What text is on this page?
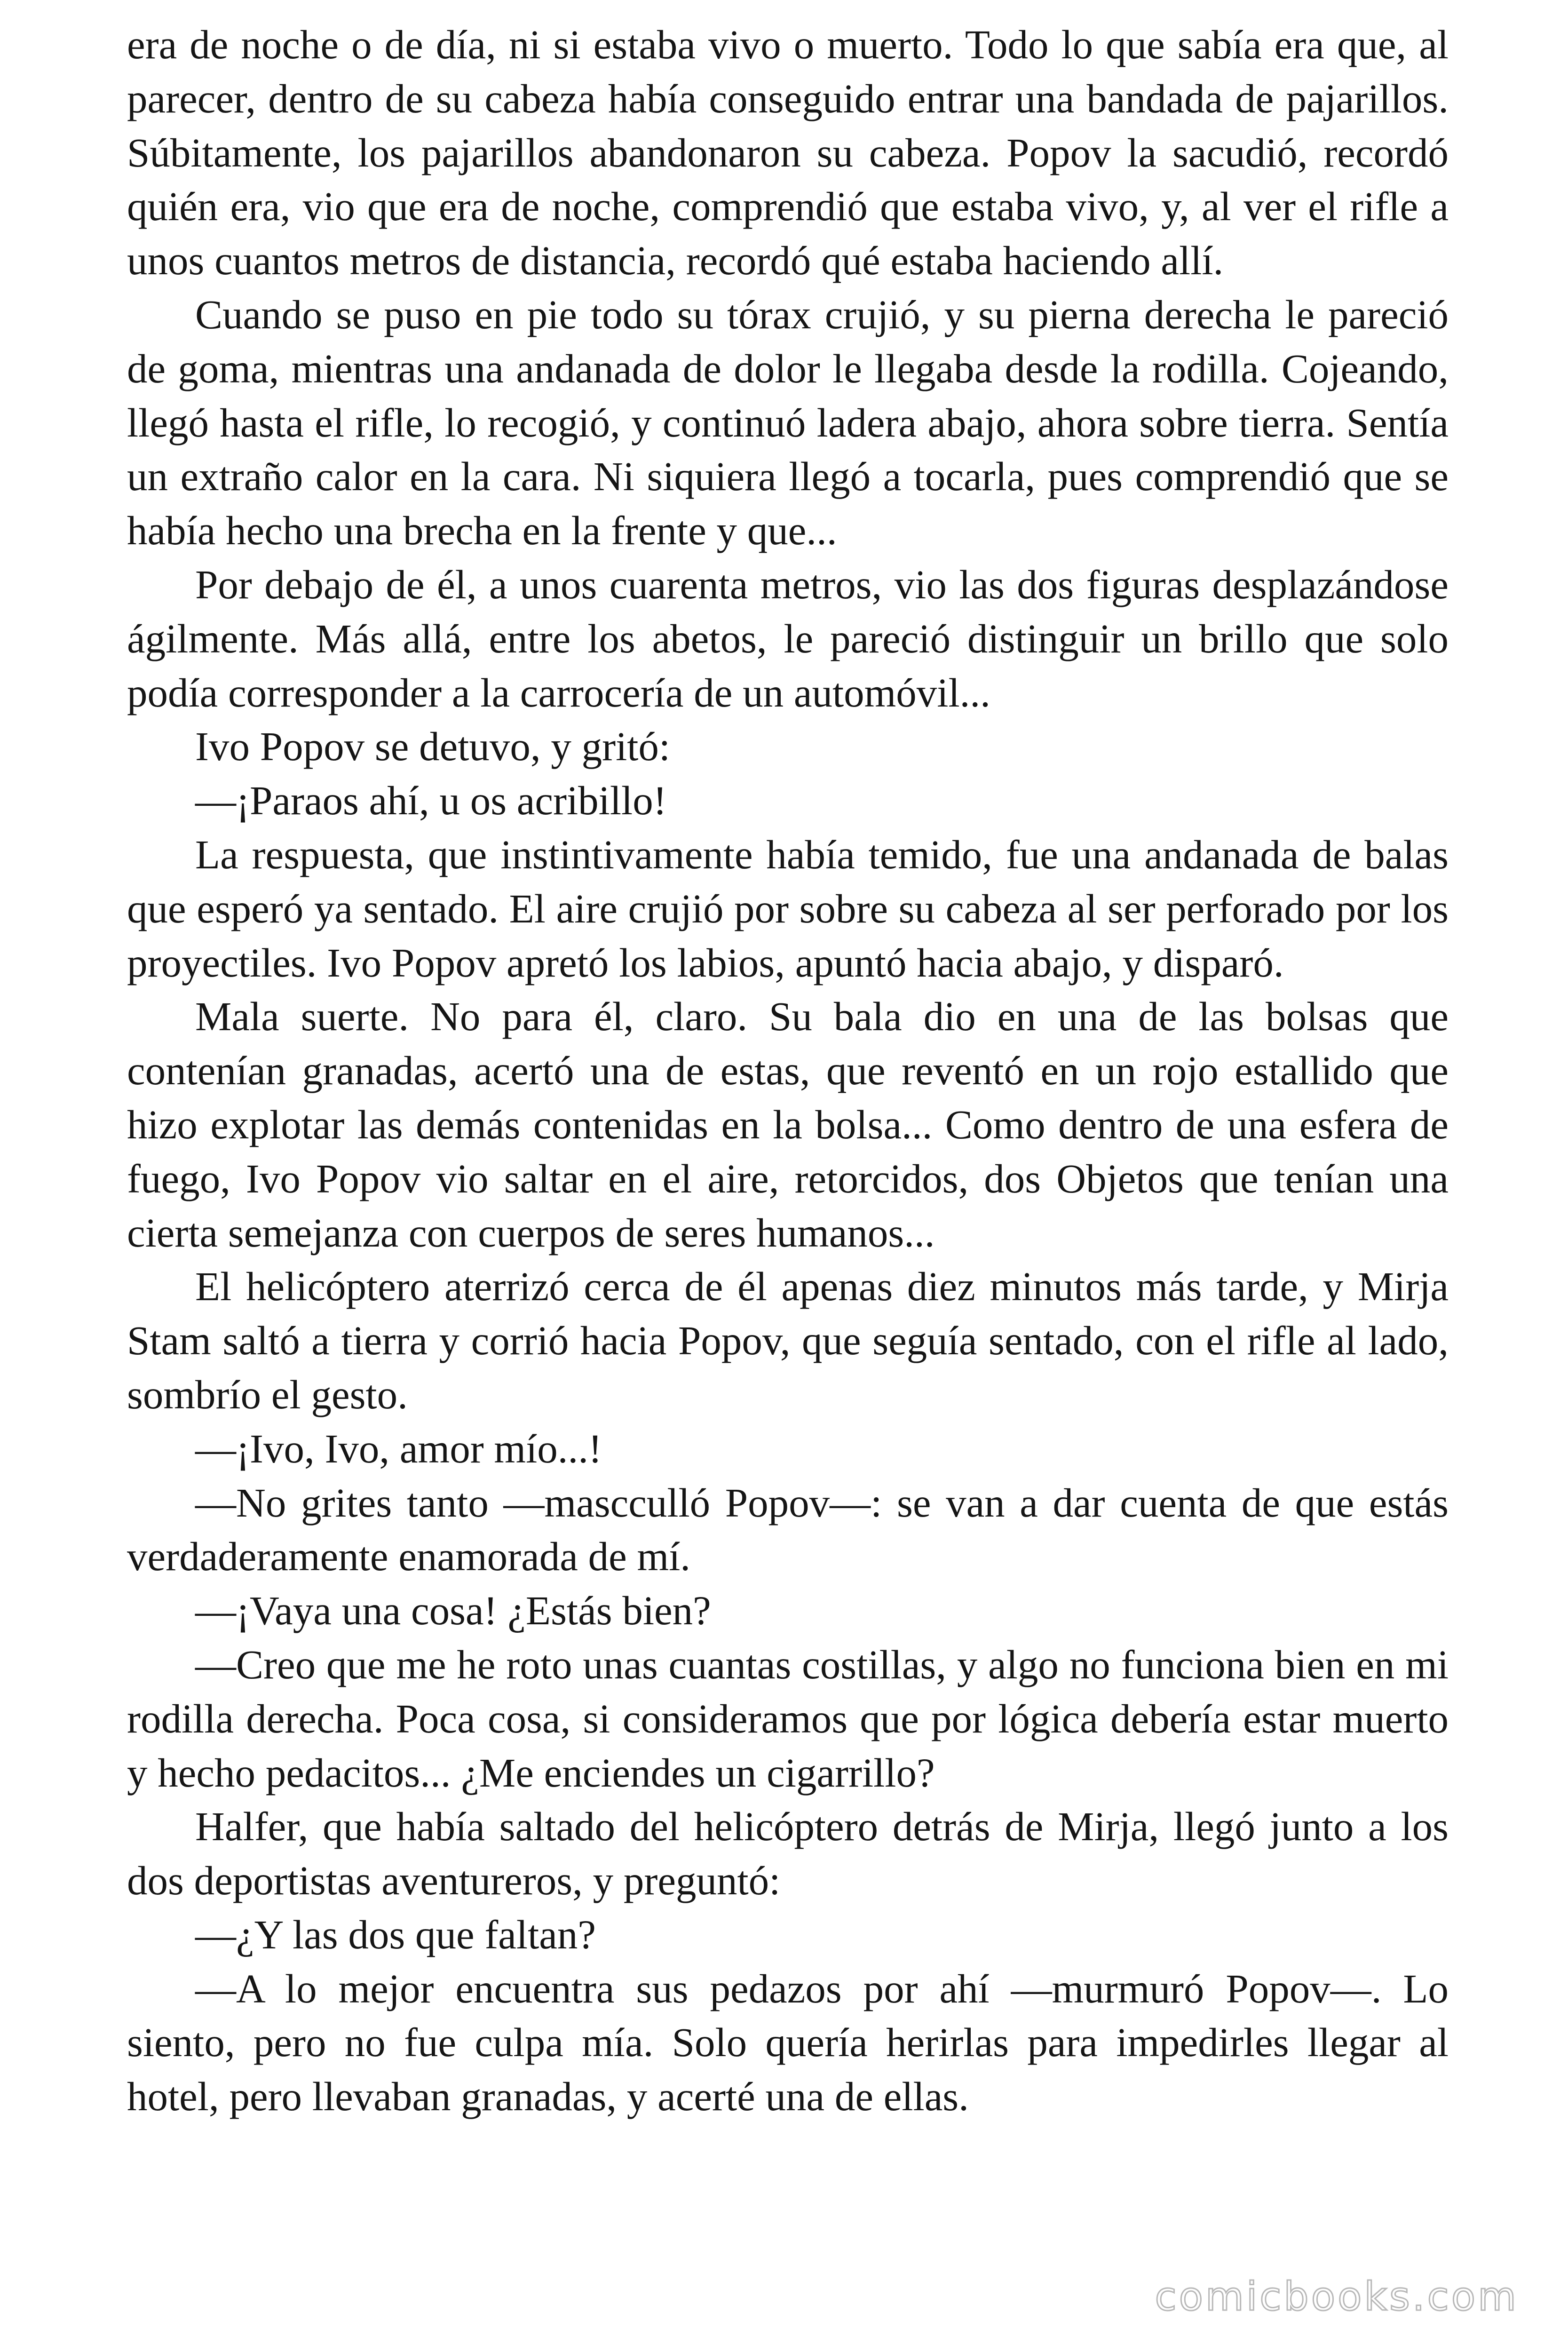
era de noche o de día, ni si estaba vivo o muerto. Todo lo que sabía era que, al parecer, dentro de su cabeza había conseguido entrar una bandada de pajarillos. Súbitamente, los pajarillos abandonaron su cabeza. Popov la sacudió, recordó quién era, vio que era de noche, comprendió que estaba vivo, y, al ver el rifle a unos cuantos metros de distancia, recordó qué estaba haciendo allí.

Cuando se puso en pie todo su tórax crujió, y su pierna derecha le pareció de goma, mientras una andanada de dolor le llegaba desde la rodilla. Cojeando, llegó hasta el rifle, lo recogió, y continuó ladera abajo, ahora sobre tierra. Sentía un extraño calor en la cara. Ni siquiera llegó a tocarla, pues comprendió que se había hecho una brecha en la frente y que...

Por debajo de él, a unos cuarenta metros, vio las dos figuras desplazándose ágilmente. Más allá, entre los abetos, le pareció distinguir un brillo que solo podía corresponder a la carrocería de un automóvil...

Ivo Popov se detuvo, y gritó:

—¡Paraos ahí, u os acribillo!

La respuesta, que instintivamente había temido, fue una andanada de balas que esperó ya sentado. El aire crujió por sobre su cabeza al ser perforado por los proyectiles. Ivo Popov apretó los labios, apuntó hacia abajo, y disparó.

Mala suerte. No para él, claro. Su bala dio en una de las bolsas que contenían granadas, acertó una de estas, que reventó en un rojo estallido que hizo explotar las demás contenidas en la bolsa... Como dentro de una esfera de fuego, Ivo Popov vio saltar en el aire, retorcidos, dos Objetos que tenían una cierta semejanza con cuerpos de seres humanos...

El helicóptero aterrizó cerca de él apenas diez minutos más tarde, y Mirja Stam saltó a tierra y corrió hacia Popov, que seguía sentado, con el rifle al lado, sombrío el gesto.

—¡Ivo, Ivo, amor mío...!

—No grites tanto —mascculló Popov—: se van a dar cuenta de que estás verdaderamente enamorada de mí.

—¡Vaya una cosa! ¿Estás bien?

—Creo que me he roto unas cuantas costillas, y algo no funciona bien en mi rodilla derecha. Poca cosa, si consideramos que por lógica debería estar muerto y hecho pedacitos... ¿Me enciendes un cigarrillo?

Halfer, que había saltado del helicóptero detrás de Mirja, llegó junto a los dos deportistas aventureros, y preguntó:

—¿Y las dos que faltan?

—A lo mejor encuentra sus pedazos por ahí —murmuró Popov—. Lo siento, pero no fue culpa mía. Solo quería herirlas para impedirles llegar al hotel, pero llevaban granadas, y acerté una de ellas.

comicbooks.com
